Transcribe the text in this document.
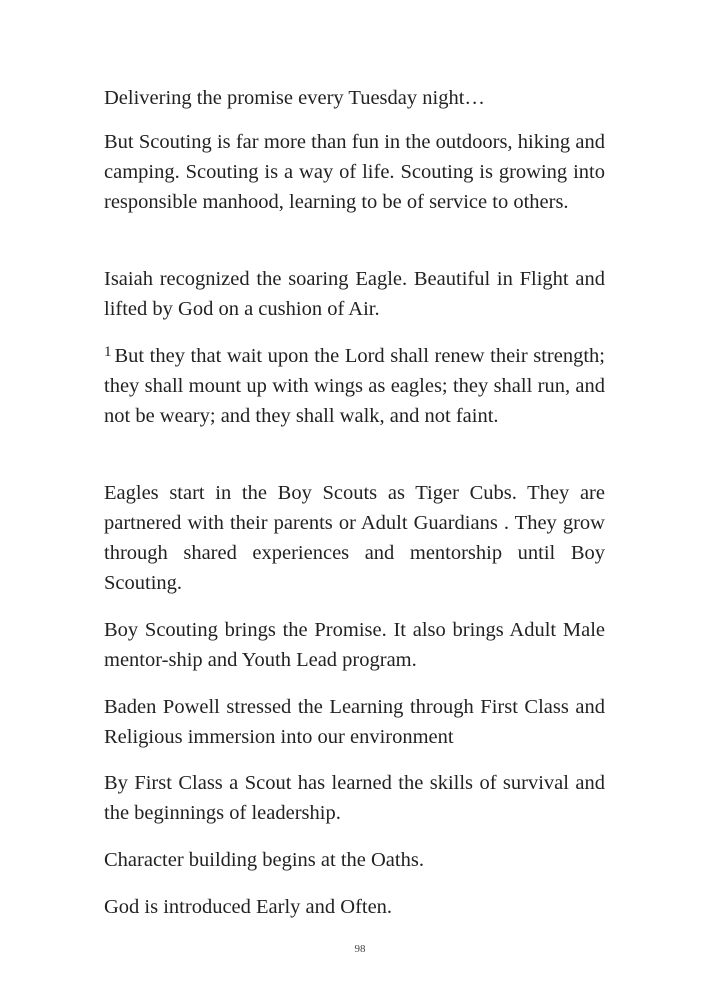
Delivering the promise every Tuesday night…

But Scouting is far more than fun in the outdoors, hiking and camping. Scouting is a way of life. Scouting is growing into responsible manhood, learning to be of service to others.

Isaiah recognized the soaring Eagle. Beautiful in Flight and lifted by God on a cushion of Air.

$^1$ But they that wait upon the Lord shall renew their strength; they shall mount up with wings as eagles; they shall run, and not be weary; and they shall walk, and not faint.

Eagles start in the Boy Scouts as Tiger Cubs. They are partnered with their parents or Adult Guardians . They grow through shared experiences and mentorship until Boy Scouting.

Boy Scouting brings the Promise. It also brings Adult Male mentor-ship and Youth Lead program.

Baden Powell stressed the Learning through First Class and Religious immersion into our environment

By First Class a Scout has learned the skills of survival and the beginnings of leadership.

Character building begins at the Oaths.

God is introduced Early and Often.

98
